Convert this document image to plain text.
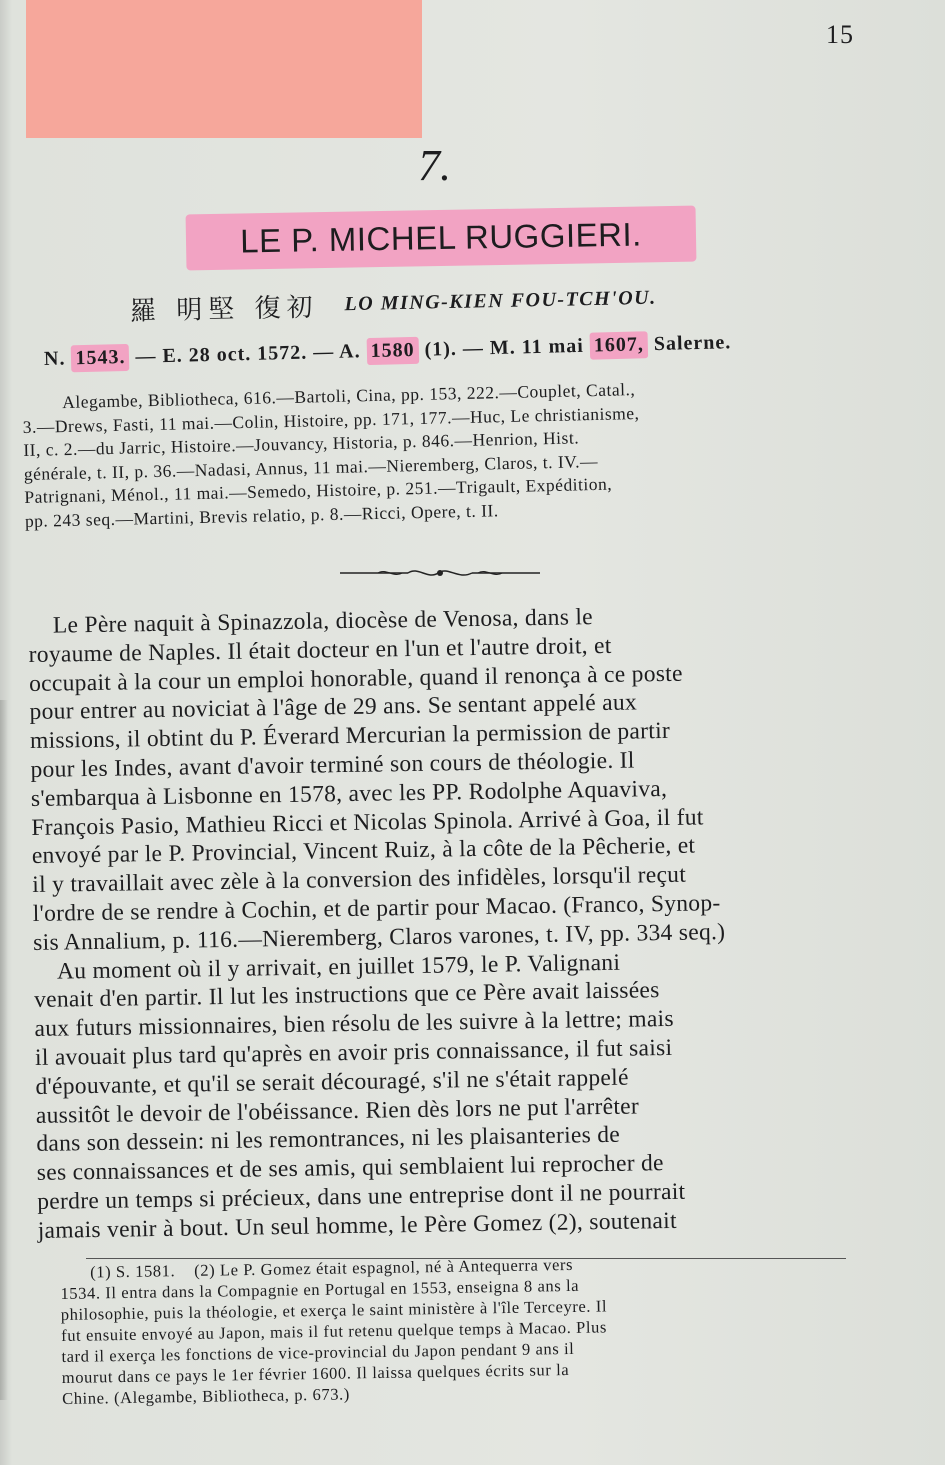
15
7.
LE P. MICHEL RUGGIERI.
羅 明堅 復初 LO MING-KIEN FOU-TCH'OU.
N.
1543.
— E. 28 oct. 1572. — A.
1580
(1). — M. 11 mai
1607,
Salerne.

Alegambe, Bibliotheca, 616.—Bartoli, Cina, pp. 153, 222.—Couplet, Catal.,

3.—Drews, Fasti, 11 mai.—Colin, Histoire, pp. 171, 177.—Huc, Le christianisme,

II, c. 2.—du Jarric, Histoire.—Jouvancy, Historia, p. 846.—Henrion, Hist.

générale, t. II, p. 36.—Nadasi, Annus, 11 mai.—Nieremberg, Claros, t. IV.—

Patrignani, Ménol., 11 mai.—Semedo, Histoire, p. 251.—Trigault, Expédition,

pp. 243 seq.—Martini, Brevis relatio, p. 8.—Ricci, Opere, t. II.

Le Père naquit à Spinazzola, diocèse de Venosa, dans le

royaume de Naples. Il était docteur en l'un et l'autre droit, et

occupait à la cour un emploi honorable, quand il renonça à ce poste

pour entrer au noviciat à l'âge de 29 ans. Se sentant appelé aux

missions, il obtint du P. Éverard Mercurian la permission de partir

pour les Indes, avant d'avoir terminé son cours de théologie. Il

s'embarqua à Lisbonne en 1578, avec les PP. Rodolphe Aquaviva,

François Pasio, Mathieu Ricci et Nicolas Spinola. Arrivé à Goa, il fut

envoyé par le P. Provincial, Vincent Ruiz, à la côte de la Pêcherie, et

il y travaillait avec zèle à la conversion des infidèles, lorsqu'il reçut

l'ordre de se rendre à Cochin, et de partir pour Macao. (Franco, Synop-

sis Annalium, p. 116.—Nieremberg, Claros varones, t. IV, pp. 334 seq.)

Au moment où il y arrivait, en juillet 1579, le P. Valignani

venait d'en partir. Il lut les instructions que ce Père avait laissées

aux futurs missionnaires, bien résolu de les suivre à la lettre; mais

il avouait plus tard qu'après en avoir pris connaissance, il fut saisi

d'épouvante, et qu'il se serait découragé, s'il ne s'était rappelé

aussitôt le devoir de l'obéissance. Rien dès lors ne put l'arrêter

dans son dessein: ni les remontrances, ni les plaisanteries de

ses connaissances et de ses amis, qui semblaient lui reprocher de

perdre un temps si précieux, dans une entreprise dont il ne pourrait

jamais venir à bout. Un seul homme, le Père Gomez (2), soutenait

(1) S. 1581.    (2) Le P. Gomez était espagnol, né à Antequerra vers

1534. Il entra dans la Compagnie en Portugal en 1553, enseigna 8 ans la

philosophie, puis la théologie, et exerça le saint ministère à l'île Terceyre. Il

fut ensuite envoyé au Japon, mais il fut retenu quelque temps à Macao. Plus

tard il exerça les fonctions de vice-provincial du Japon pendant 9 ans il

mourut dans ce pays le 1er février 1600. Il laissa quelques écrits sur la

Chine. (Alegambe, Bibliotheca, p. 673.)
